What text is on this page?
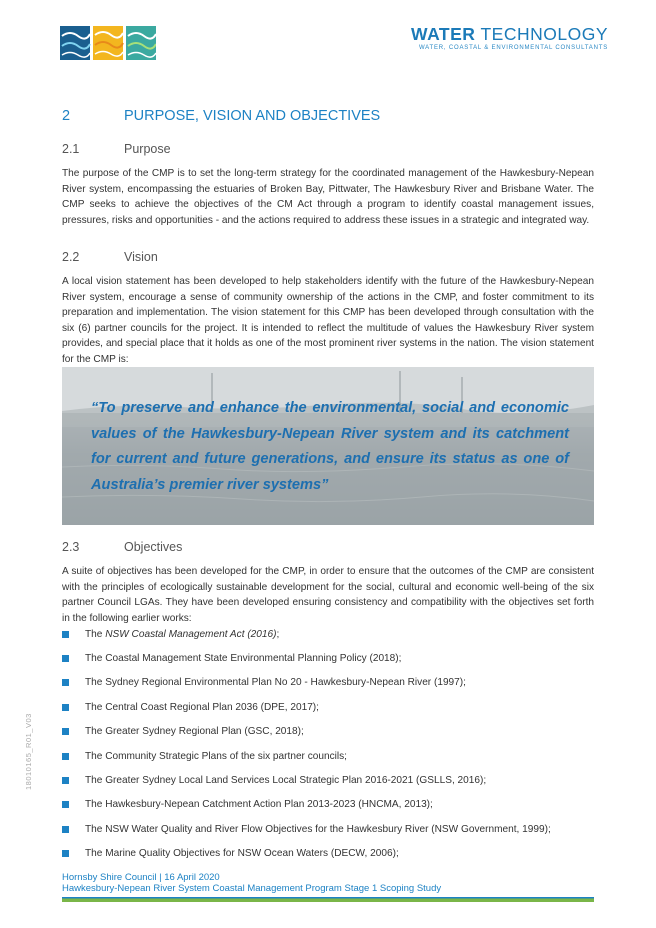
WATER TECHNOLOGY
WATER, COASTAL & ENVIRONMENTAL CONSULTANTS
2	PURPOSE, VISION AND OBJECTIVES
2.1	Purpose
The purpose of the CMP is to set the long-term strategy for the coordinated management of the Hawkesbury-Nepean River system, encompassing the estuaries of Broken Bay, Pittwater, The Hawkesbury River and Brisbane Water. The CMP seeks to achieve the objectives of the CM Act through a program to identify coastal management issues, pressures, risks and opportunities - and the actions required to address these issues in a strategic and integrated way.
2.2	Vision
A local vision statement has been developed to help stakeholders identify with the future of the Hawkesbury-Nepean River system, encourage a sense of community ownership of the actions in the CMP, and foster commitment to its preparation and implementation. The vision statement for this CMP has been developed through consultation with the six (6) partner councils for the project. It is intended to reflect the multitude of values the Hawkesbury River system provides, and special place that it holds as one of the most prominent river systems in the nation. The vision statement for the CMP is:
“To preserve and enhance the environmental, social and economic values of the Hawkesbury-Nepean River system and its catchment for current and future generations, and ensure its status as one of Australia’s premier river systems”
2.3	Objectives
A suite of objectives has been developed for the CMP, in order to ensure that the outcomes of the CMP are consistent with the principles of ecologically sustainable development for the social, cultural and economic well-being of the six partner Council LGAs. They have been developed ensuring consistency and compatibility with the objectives set forth in the following earlier works:
The NSW Coastal Management Act (2016);
The Coastal Management State Environmental Planning Policy (2018);
The Sydney Regional Environmental Plan No 20 - Hawkesbury-Nepean River (1997);
The Central Coast Regional Plan 2036 (DPE, 2017);
The Greater Sydney Regional Plan (GSC, 2018);
The Community Strategic Plans of the six partner councils;
The Greater Sydney Local Land Services Local Strategic Plan 2016-2021 (GSLLS, 2016);
The Hawkesbury-Nepean Catchment Action Plan 2013-2023 (HNCMA, 2013);
The NSW Water Quality and River Flow Objectives for the Hawkesbury River (NSW Government, 1999);
The Marine Quality Objectives for NSW Ocean Waters (DECW, 2006);
18010165_R01_V03
Hornsby Shire Council | 16 April 2020
Hawkesbury-Nepean River System Coastal Management Program Stage 1 Scoping Study
